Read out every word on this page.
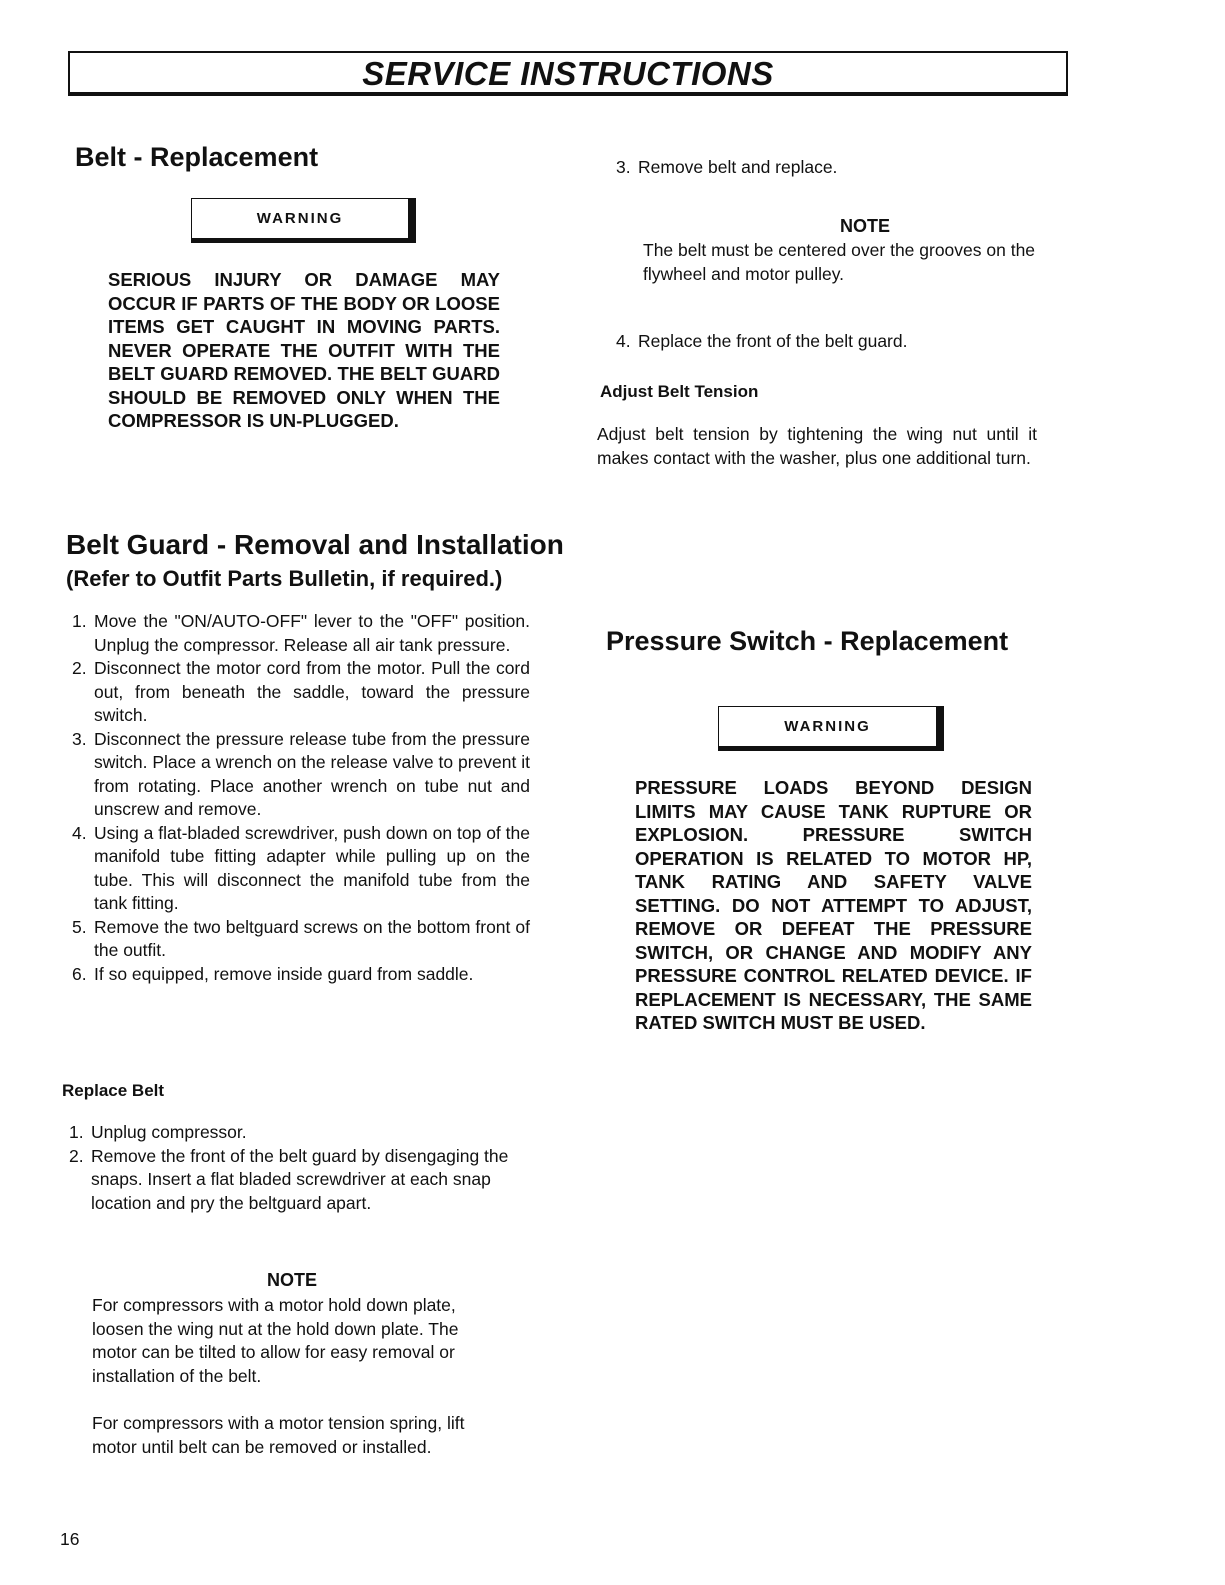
SERVICE INSTRUCTIONS
Belt - Replacement
WARNING
SERIOUS INJURY OR DAMAGE MAY OCCUR IF PARTS OF THE BODY OR LOOSE ITEMS GET CAUGHT IN MOVING PARTS. NEVER OPERATE THE OUTFIT WITH THE BELT GUARD REMOVED. THE BELT GUARD SHOULD BE REMOVED ONLY WHEN THE COMPRESSOR IS UN-PLUGGED.
Belt Guard - Removal and Installation
(Refer to Outfit Parts Bulletin, if required.)
1. Move the "ON/AUTO-OFF" lever to the "OFF" position. Unplug the compressor. Release all air tank pressure.
2. Disconnect the motor cord from the motor. Pull the cord out, from beneath the saddle, toward the pressure switch.
3. Disconnect the pressure release tube from the pressure switch. Place a wrench on the release valve to prevent it from rotating. Place another wrench on tube nut and unscrew and remove.
4. Using a flat-bladed screwdriver, push down on top of the manifold tube fitting adapter while pulling up on the tube. This will disconnect the manifold tube from the tank fitting.
5. Remove the two beltguard screws on the bottom front of the outfit.
6. If so equipped, remove inside guard from saddle.
Replace Belt
1. Unplug compressor.
2. Remove the front of the belt guard by disengaging the snaps. Insert a flat bladed screwdriver at each snap location and pry the beltguard apart.
NOTE
For compressors with a motor hold down plate, loosen the wing nut at the hold down plate. The motor can be tilted to allow for easy removal or installation of the belt.
For compressors with a motor tension spring, lift motor until belt can be removed or installed.
16
3. Remove belt and replace.
NOTE
The belt must be centered over the grooves on the flywheel and motor pulley.
4. Replace the front of the belt guard.
Adjust Belt Tension
Adjust belt tension by tightening the wing nut until it makes contact with the washer, plus one additional turn.
Pressure Switch - Replacement
WARNING
PRESSURE LOADS BEYOND DESIGN LIMITS MAY CAUSE TANK RUPTURE OR EXPLOSION. PRESSURE SWITCH OPERATION IS RELATED TO MOTOR HP, TANK RATING AND SAFETY VALVE SETTING. DO NOT ATTEMPT TO ADJUST, REMOVE OR DEFEAT THE PRESSURE SWITCH, OR CHANGE AND MODIFY ANY PRESSURE CONTROL RELATED DEVICE. IF REPLACEMENT IS NECESSARY, THE SAME RATED SWITCH MUST BE USED.
